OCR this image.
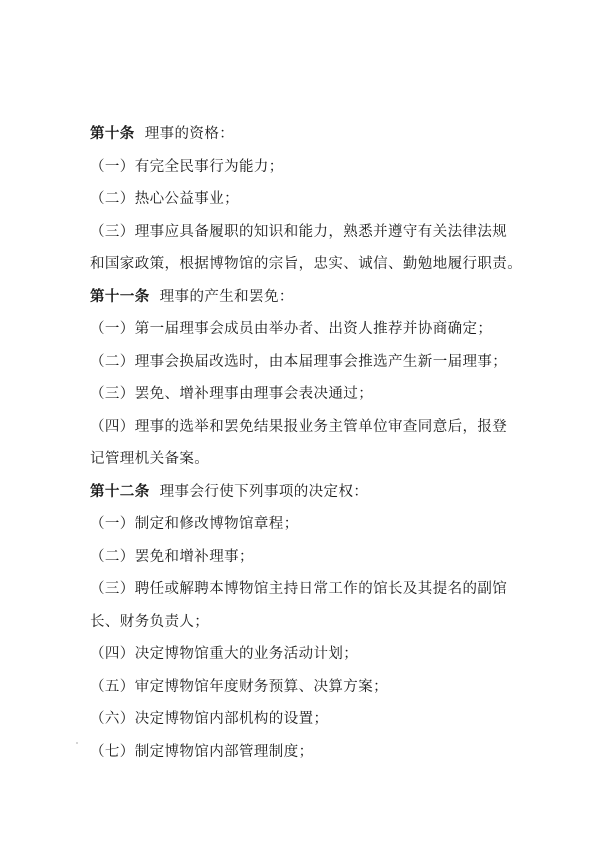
第十条 理事的资格：
（一）有完全民事行为能力；
（二）热心公益事业；
（三）理事应具备履职的知识和能力，熟悉并遵守有关法律法规
和国家政策，根据博物馆的宗旨，忠实、诚信、勤勉地履行职责。
第十一条 理事的产生和罢免：
（一）第一届理事会成员由举办者、出资人推荐并协商确定；
（二）理事会换届改选时，由本届理事会推选产生新一届理事；
（三）罢免、增补理事由理事会表决通过；
（四）理事的选举和罢免结果报业务主管单位审查同意后，报登
记管理机关备案。
第十二条 理事会行使下列事项的决定权：
（一）制定和修改博物馆章程；
（二）罢免和增补理事；
（三）聘任或解聘本博物馆主持日常工作的馆长及其提名的副馆
长、财务负责人；
（四）决定博物馆重大的业务活动计划；
（五）审定博物馆年度财务预算、决算方案；
（六）决定博物馆内部机构的设置；
（七）制定博物馆内部管理制度；
